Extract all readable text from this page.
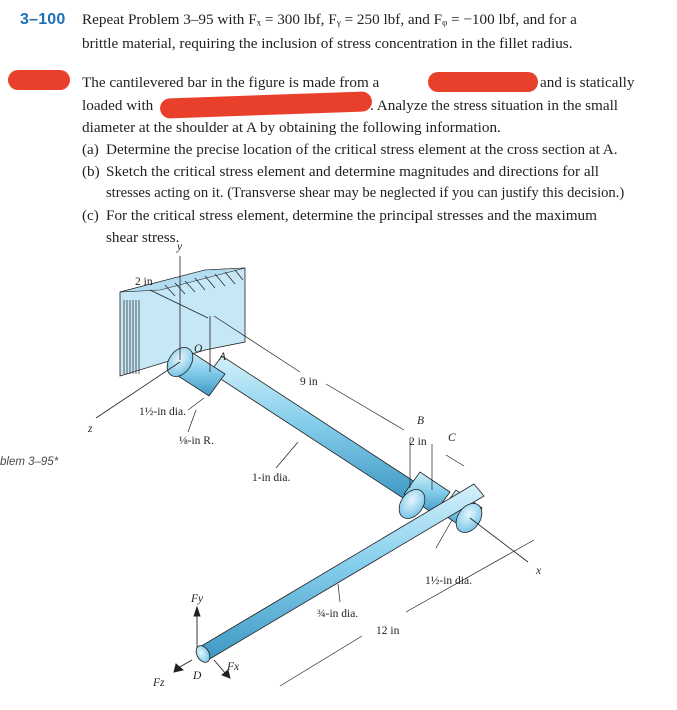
3–100 Repeat Problem 3–95 with Fₓ = 300 lbf, Fᵧ = 250 lbf, and Fᵩ = −100 lbf, and for a
brittle material, requiring the inclusion of stress concentration in the fillet radius.
The cantilevered bar in the figure is made from a	and is statically
loaded with	. Analyze the stress situation in the small
diameter at the shoulder at A by obtaining the following information.
(a) Determine the precise location of the critical stress element at the cross section at A.
(b) Sketch the critical stress element and determine magnitudes and directions for all
stresses acting on it. (Transverse shear may be neglected if you can justify this decision.)
(c) For the critical stress element, determine the principal stresses and the maximum
shear stress.
blem 3–95*
y
z
x
2 in
O
A
9 in
1½-in dia.
⅛-in R.
1-in dia.
B
C
2 in
1½-in dia.
¾-in dia.
12 in
Fy
Fz
Fx
D
